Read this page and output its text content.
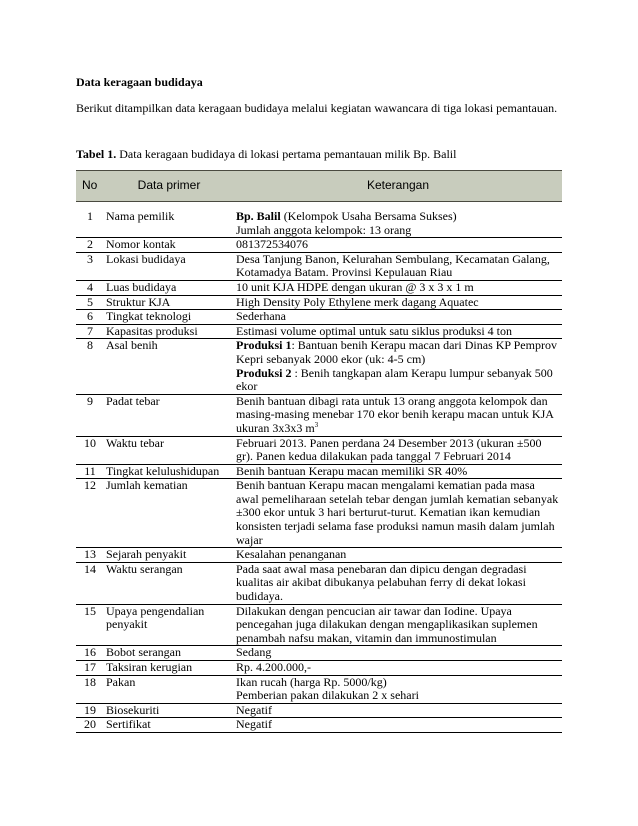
Data keragaan budidaya
Berikut ditampilkan data keragaan budidaya melalui kegiatan wawancara di tiga lokasi pemantauan.
Tabel 1. Data keragaan budidaya di lokasi pertama pemantauan milik Bp. Balil
No	Data primer	Keterangan

1	Nama pemilik	Bp. Balil (Kelompok Usaha Bersama Sukses)
Jumlah anggota kelompok: 13 orang
2	Nomor kontak	081372534076
3	Lokasi budidaya	Desa Tanjung Banon, Kelurahan Sembulang, Kecamatan Galang, Kotamadya Batam. Provinsi Kepulauan Riau
4	Luas budidaya	10 unit KJA HDPE dengan ukuran @ 3 x 3 x 1 m
5	Struktur KJA	High Density Poly Ethylene merk dagang Aquatec
6	Tingkat teknologi	Sederhana
7	Kapasitas produksi	Estimasi volume optimal untuk satu siklus produksi 4 ton
8	Asal benih	Produksi 1: Bantuan benih Kerapu macan dari Dinas KP Pemprov Kepri sebanyak 2000 ekor (uk: 4-5 cm)
Produksi 2 : Benih tangkapan alam Kerapu lumpur sebanyak 500 ekor
9	Padat tebar	Benih bantuan dibagi rata untuk 13 orang anggota kelompok dan masing-masing menebar 170 ekor benih kerapu macan untuk KJA ukuran 3x3x3 $m^3$
10	Waktu tebar	Februari 2013. Panen perdana 24 Desember 2013 (ukuran ±500 gr). Panen kedua dilakukan pada tanggal 7 Februari 2014
11	Tingkat kelulushidupan	Benih bantuan Kerapu macan memiliki SR 40%
12	Jumlah kematian	Benih bantuan Kerapu macan mengalami kematian pada masa awal pemeliharaan setelah tebar dengan jumlah kematian sebanyak ±300 ekor untuk 3 hari berturut-turut. Kematian ikan kemudian konsisten terjadi selama fase produksi namun masih dalam jumlah wajar
13	Sejarah penyakit	Kesalahan penanganan
14	Waktu serangan	Pada saat awal masa penebaran dan dipicu dengan degradasi kualitas air akibat dibukanya pelabuhan ferry di dekat lokasi budidaya.
15	Upaya pengendalian penyakit	Dilakukan dengan pencucian air tawar dan Iodine. Upaya pencegahan juga dilakukan dengan mengaplikasikan suplemen penambah nafsu makan, vitamin dan immunostimulan
16	Bobot serangan	Sedang
17	Taksiran kerugian	Rp. 4.200.000,-
18	Pakan	Ikan rucah (harga Rp. 5000/kg)
Pemberian pakan dilakukan 2 x sehari
19	Biosekuriti	Negatif
20	Sertifikat	Negatif
